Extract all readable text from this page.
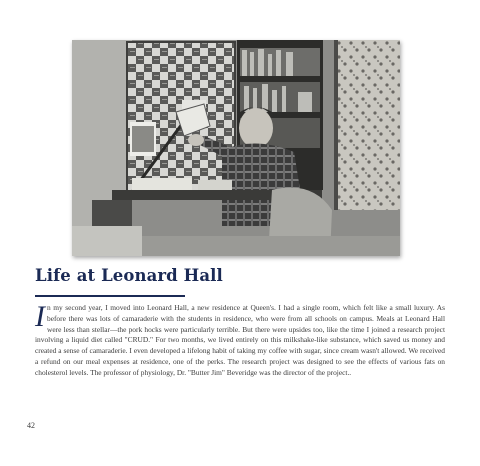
Life at Leonard Hall

In my second year, I moved into Leonard Hall, a new residence at Queen's. I had a single room, which felt like a small luxury. As before there was lots of camaraderie with the students in residence, who were from all schools on campus. Meals at Leonard Hall were less than stellar—the pork hocks were particularly terrible. But there were upsides too, like the time I joined a research project involving a liquid diet called "CRUD." For two months, we lived entirely on this milkshake-like substance, which saved us money and created a sense of camaraderie. I even developed a lifelong habit of taking my coffee with sugar, since cream wasn't allowed. We received a refund on our meal expenses at residence, one of the perks. The research project was designed to see the effects of various fats on cholesterol levels. The professor of physiology, Dr. "Butter Jim" Beveridge was the director of the project..

42
